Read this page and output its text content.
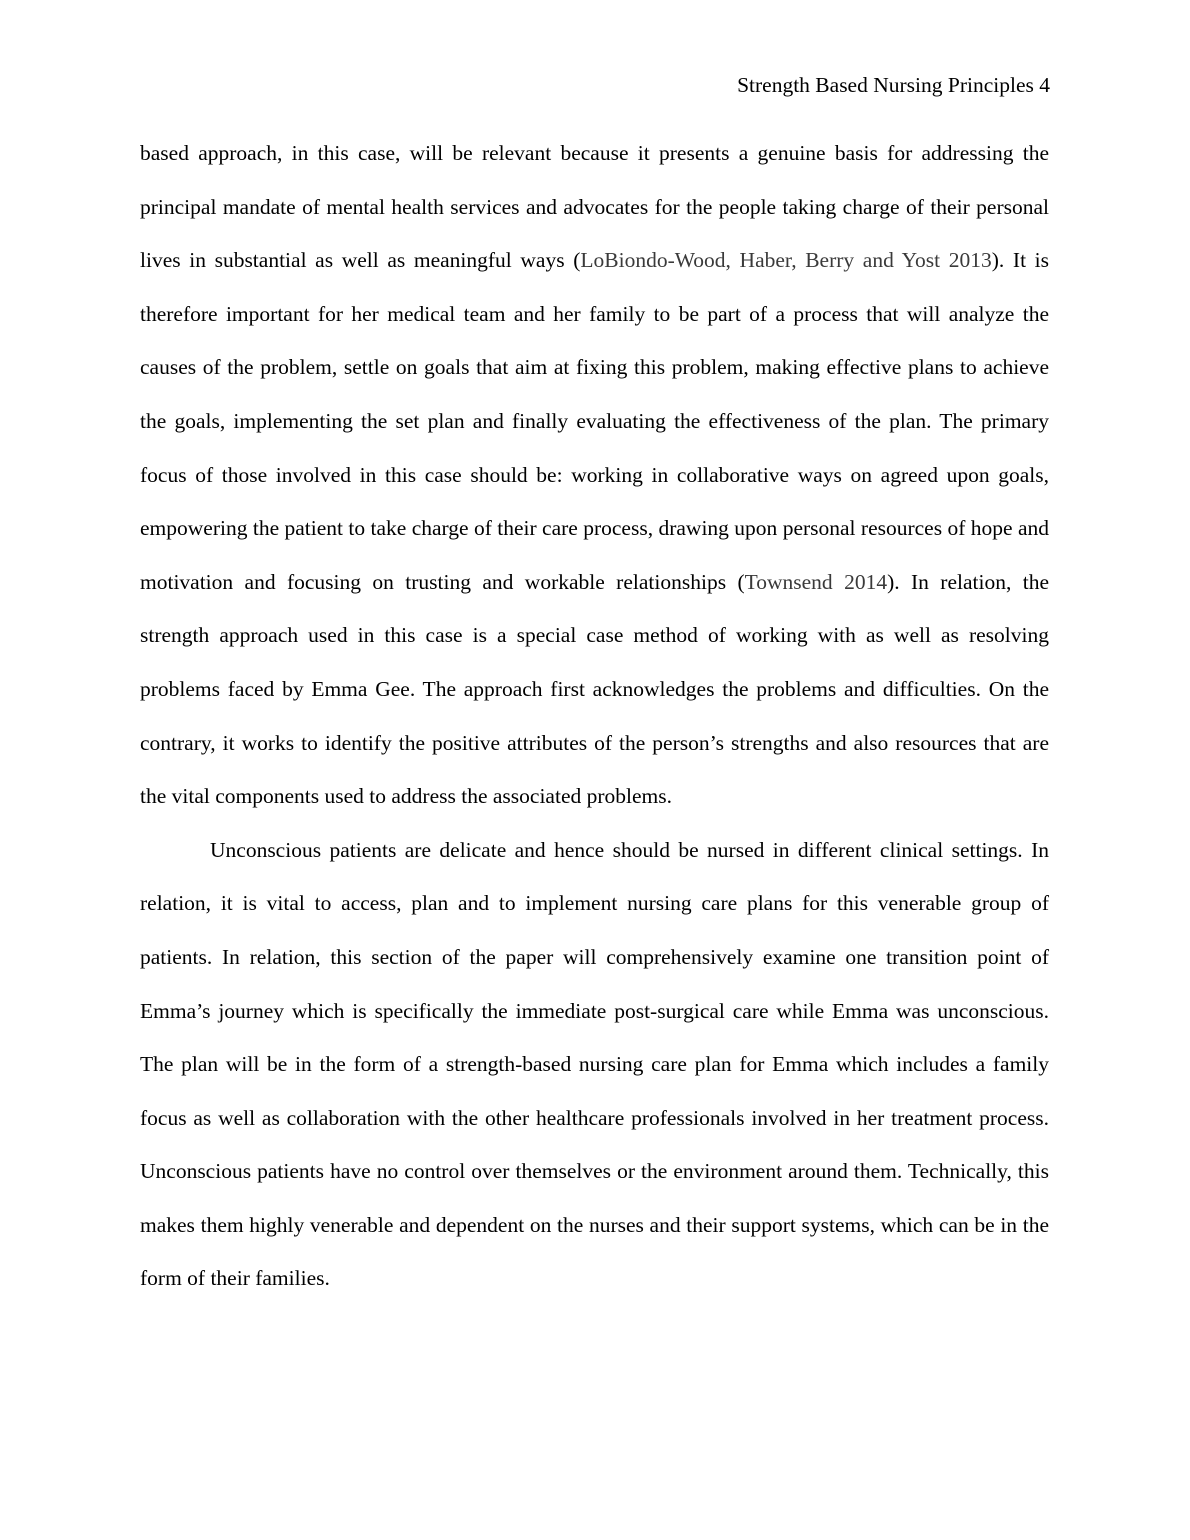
Strength Based Nursing Principles 4

based approach, in this case, will be relevant because it presents a genuine basis for addressing the principal mandate of mental health services and advocates for the people taking charge of their personal lives in substantial as well as meaningful ways (LoBiondo-Wood, Haber, Berry and Yost 2013). It is therefore important for her medical team and her family to be part of a process that will analyze the causes of the problem, settle on goals that aim at fixing this problem, making effective plans to achieve the goals, implementing the set plan and finally evaluating the effectiveness of the plan. The primary focus of those involved in this case should be: working in collaborative ways on agreed upon goals, empowering the patient to take charge of their care process, drawing upon personal resources of hope and motivation and focusing on trusting and workable relationships (Townsend 2014). In relation, the strength approach used in this case is a special case method of working with as well as resolving problems faced by Emma Gee. The approach first acknowledges the problems and difficulties. On the contrary, it works to identify the positive attributes of the person’s strengths and also resources that are the vital components used to address the associated problems.

Unconscious patients are delicate and hence should be nursed in different clinical settings. In relation, it is vital to access, plan and to implement nursing care plans for this venerable group of patients. In relation, this section of the paper will comprehensively examine one transition point of Emma’s journey which is specifically the immediate post-surgical care while Emma was unconscious. The plan will be in the form of a strength-based nursing care plan for Emma which includes a family focus as well as collaboration with the other healthcare professionals involved in her treatment process. Unconscious patients have no control over themselves or the environment around them. Technically, this makes them highly venerable and dependent on the nurses and their support systems, which can be in the form of their families.
